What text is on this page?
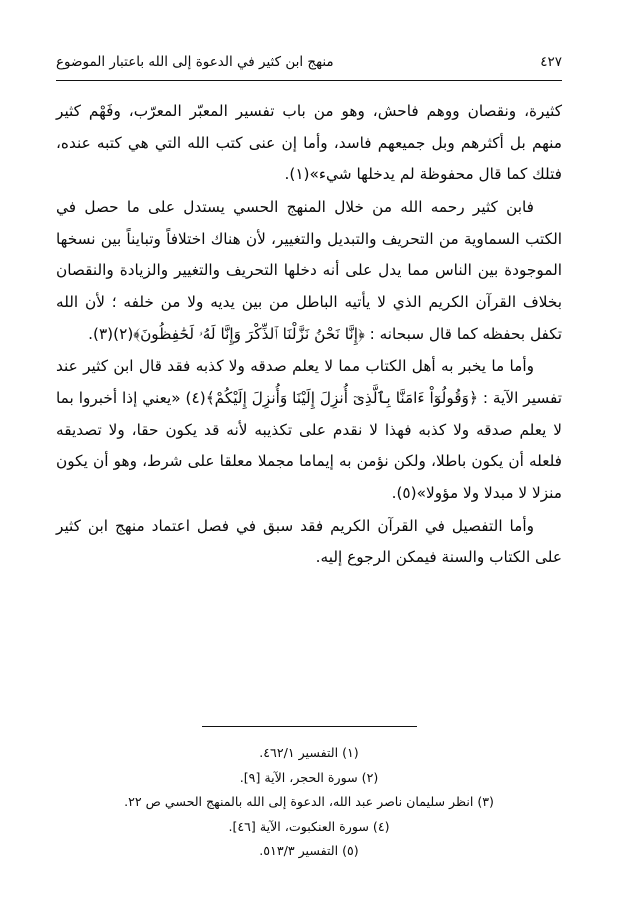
منهج ابن كثير في الدعوة إلى الله باعتبار الموضوع	٤٢٧

كثيرة، ونقصان ووهم فاحش، وهو من باب تفسير المعبّر المعرّب، وفَهْم كثير منهم بل أكثرهم وبل جميعهم فاسد، وأما إن عنى كتب الله التي هي كتبه عنده، فتلك كما قال محفوظة لم يدخلها شيء»(١).

فابن كثير رحمه الله من خلال المنهج الحسي يستدل على ما حصل في الكتب السماوية من التحريف والتبديل والتغيير، لأن هناك اختلافاً وتبايناً بين نسخها الموجودة بين الناس مما يدل على أنه دخلها التحريف والتغيير والزيادة والنقصان بخلاف القرآن الكريم الذي لا يأتيه الباطل من بين يديه ولا من خلفه ؛ لأن الله تكفل بحفظه كما قال سبحانه : ﴿إِنَّا نَحْنُ نَزَّلْنَا ٱلذِّكْرَ وَإِنَّا لَهُۥ لَحَٰفِظُونَ﴾(٢)(٣).

وأما ما يخبر به أهل الكتاب مما لا يعلم صدقه ولا كذبه فقد قال ابن كثير عند تفسير الآية : ﴿وَقُولُوٓاْ ءَامَنَّا بِٱلَّذِىٓ أُنزِلَ إِلَيْنَا وَأُنزِلَ إِلَيْكُمْ﴾(٤) «يعني إذا أخبروا بما لا يعلم صدقه ولا كذبه فهذا لا نقدم على تكذيبه لأنه قد يكون حقا، ولا تصديقه فلعله أن يكون باطلا، ولكن نؤمن به إيماما مجملا معلقا على شرط، وهو أن يكون منزلا لا مبدلا ولا مؤولا»(٥).

وأما التفصيل في القرآن الكريم فقد سبق في فصل اعتماد منهج ابن كثير على الكتاب والسنة فيمكن الرجوع إليه.

(١) التفسير ٤٦٢/١.
(٢) سورة الحجر، الآية [٩].
(٣) انظر سليمان ناصر عبد الله، الدعوة إلى الله بالمنهج الحسي ص ٢٢.
(٤) سورة العنكبوت، الآية [٤٦].
(٥) التفسير ٥١٣/٣.
